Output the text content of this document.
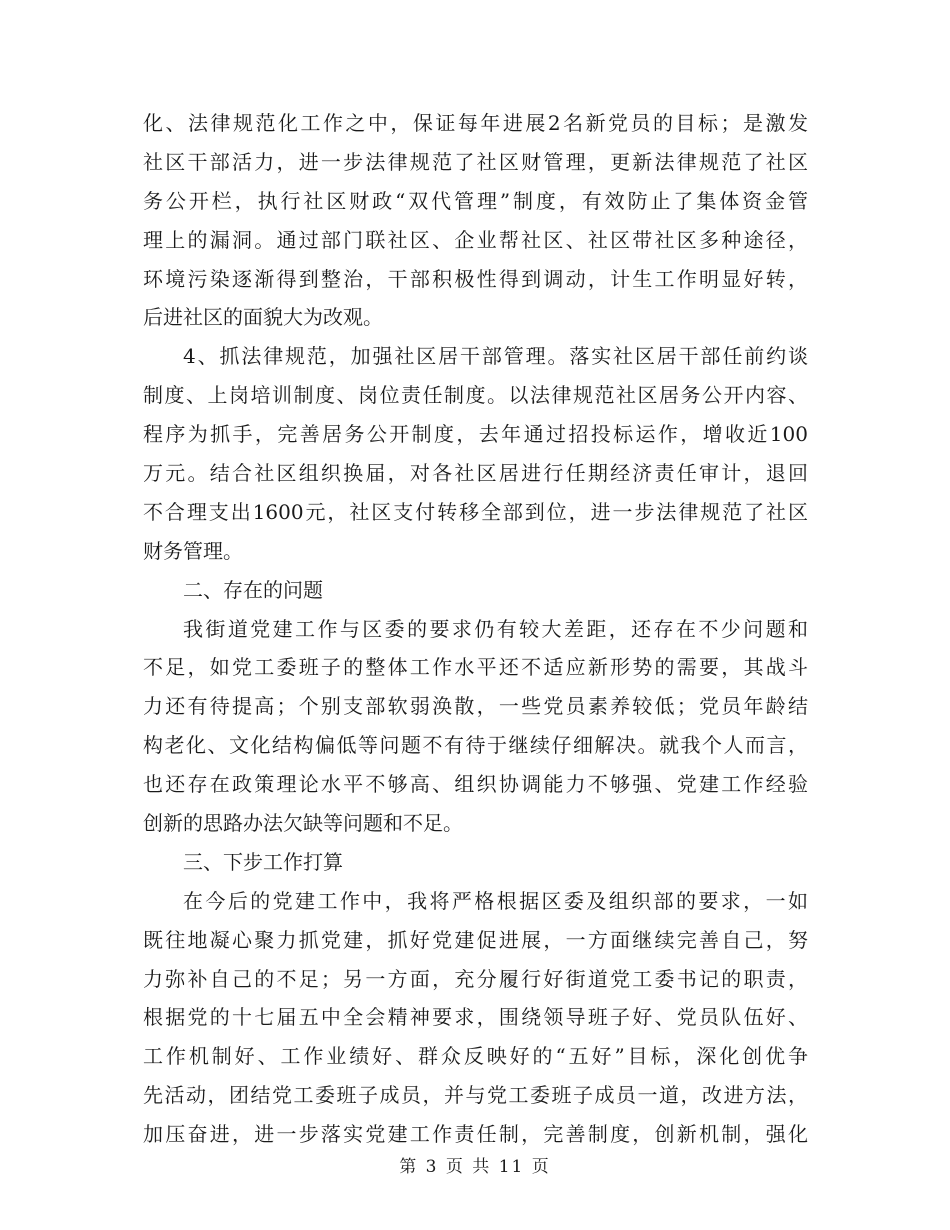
化、法律规范化工作之中，保证每年进展2名新党员的目标；是激发
社区干部活力，进一步法律规范了社区财管理，更新法律规范了社区
务公开栏，执行社区财政“双代管理”制度，有效防止了集体资金管
理上的漏洞。通过部门联社区、企业帮社区、社区带社区多种途径，
环境污染逐渐得到整治，干部积极性得到调动，计生工作明显好转，
后进社区的面貌大为改观。
4、抓法律规范，加强社区居干部管理。落实社区居干部任前约谈
制度、上岗培训制度、岗位责任制度。以法律规范社区居务公开内容、
程序为抓手，完善居务公开制度，去年通过招投标运作，增收近100
万元。结合社区组织换届，对各社区居进行任期经济责任审计，退回
不合理支出1600元，社区支付转移全部到位，进一步法律规范了社区
财务管理。
二、存在的问题
我街道党建工作与区委的要求仍有较大差距，还存在不少问题和
不足，如党工委班子的整体工作水平还不适应新形势的需要，其战斗
力还有待提高；个别支部软弱涣散，一些党员素养较低；党员年龄结
构老化、文化结构偏低等问题不有待于继续仔细解决。就我个人而言，
也还存在政策理论水平不够高、组织协调能力不够强、党建工作经验
创新的思路办法欠缺等问题和不足。
三、下步工作打算
在今后的党建工作中，我将严格根据区委及组织部的要求，一如
既往地凝心聚力抓党建，抓好党建促进展，一方面继续完善自己，努
力弥补自己的不足；另一方面，充分履行好街道党工委书记的职责，
根据党的十七届五中全会精神要求，围绕领导班子好、党员队伍好、
工作机制好、工作业绩好、群众反映好的“五好”目标，深化创优争
先活动，团结党工委班子成员，并与党工委班子成员一道，改进方法，
加压奋进，进一步落实党建工作责任制，完善制度，创新机制，强化
第 3 页 共 11 页
